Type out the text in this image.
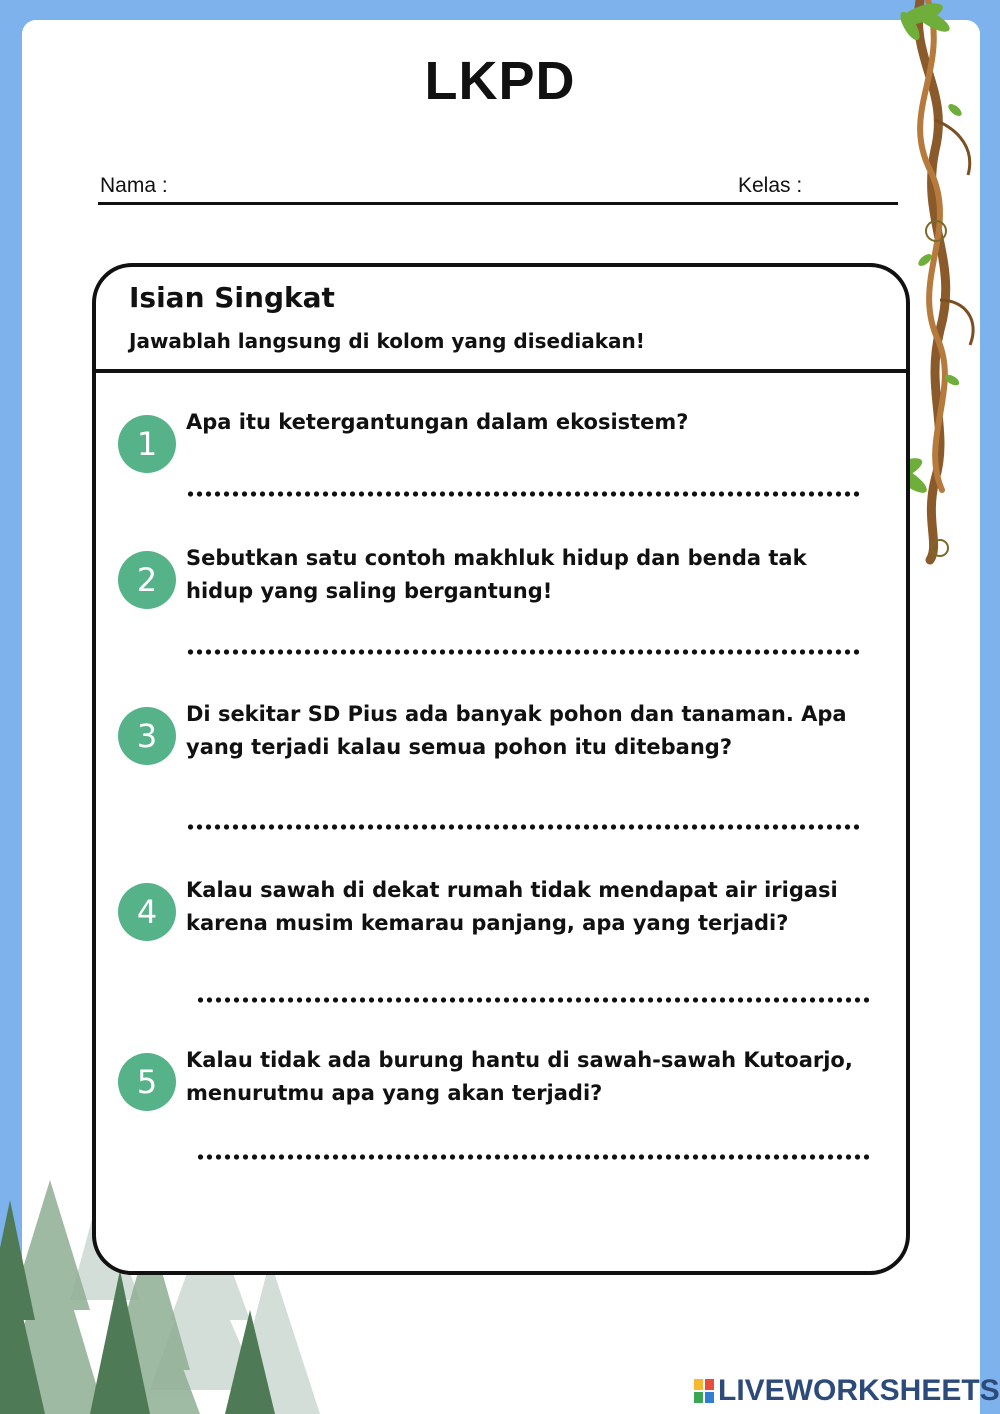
LKPD
Nama :	Kelas :
Isian Singkat
Jawablah langsung di kolom yang disediakan!
1
Apa itu ketergantungan dalam ekosistem?
2
Sebutkan satu contoh makhluk hidup dan benda tak hidup yang saling bergantung!
3
Di sekitar SD Pius ada banyak pohon dan tanaman. Apa yang terjadi kalau semua pohon itu ditebang?
4
Kalau sawah di dekat rumah tidak mendapat air irigasi karena musim kemarau panjang, apa yang terjadi?
5
Kalau tidak ada burung hantu di sawah-sawah Kutoarjo, menurutmu apa yang akan terjadi?
LIVEWORKSHEETS
